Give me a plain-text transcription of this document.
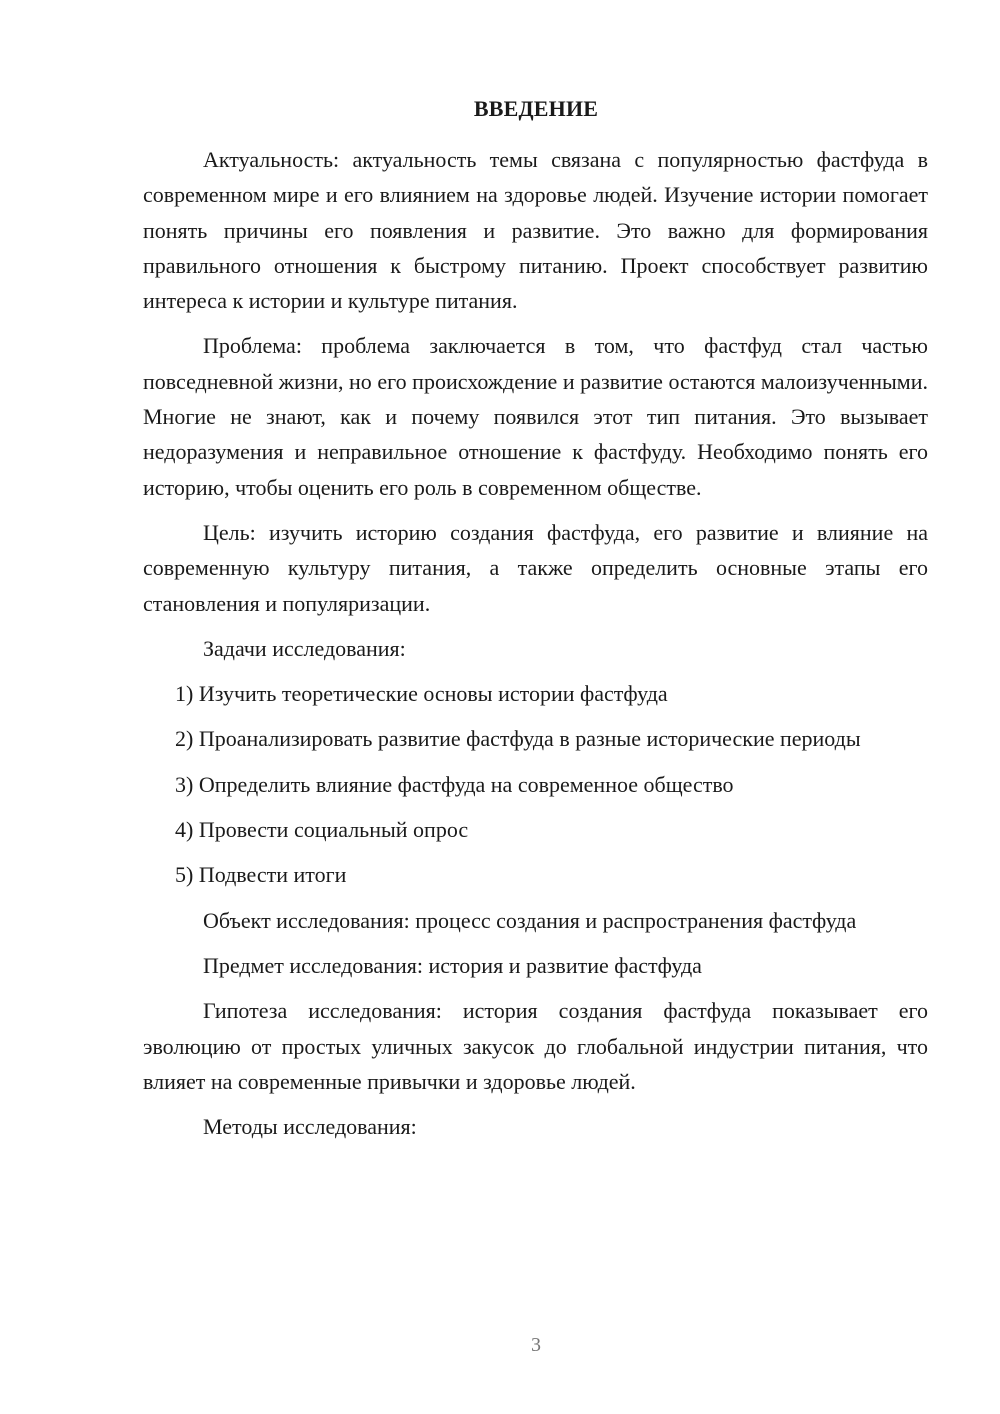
ВВЕДЕНИЕ

Актуальность: актуальность темы связана с популярностью фастфуда в современном мире и его влиянием на здоровье людей. Изучение истории помогает понять причины его появления и развитие. Это важно для формирования правильного отношения к быстрому питанию. Проект способствует развитию интереса к истории и культуре питания.

Проблема: проблема заключается в том, что фастфуд стал частью повседневной жизни, но его происхождение и развитие остаются малоизученными. Многие не знают, как и почему появился этот тип питания. Это вызывает недоразумения и неправильное отношение к фастфуду. Необходимо понять его историю, чтобы оценить его роль в современном обществе.

Цель: изучить историю создания фастфуда, его развитие и влияние на современную культуру питания, а также определить основные этапы его становления и популяризации.

Задачи исследования:

1) Изучить теоретические основы истории фастфуда

2) Проанализировать развитие фастфуда в разные исторические периоды

3) Определить влияние фастфуда на современное общество

4) Провести социальный опрос

5) Подвести итоги

Объект исследования: процесс создания и распространения фастфуда

Предмет исследования: история и развитие фастфуда

Гипотеза исследования: история создания фастфуда показывает его эволюцию от простых уличных закусок до глобальной индустрии питания, что влияет на современные привычки и здоровье людей.

Методы исследования:

3
